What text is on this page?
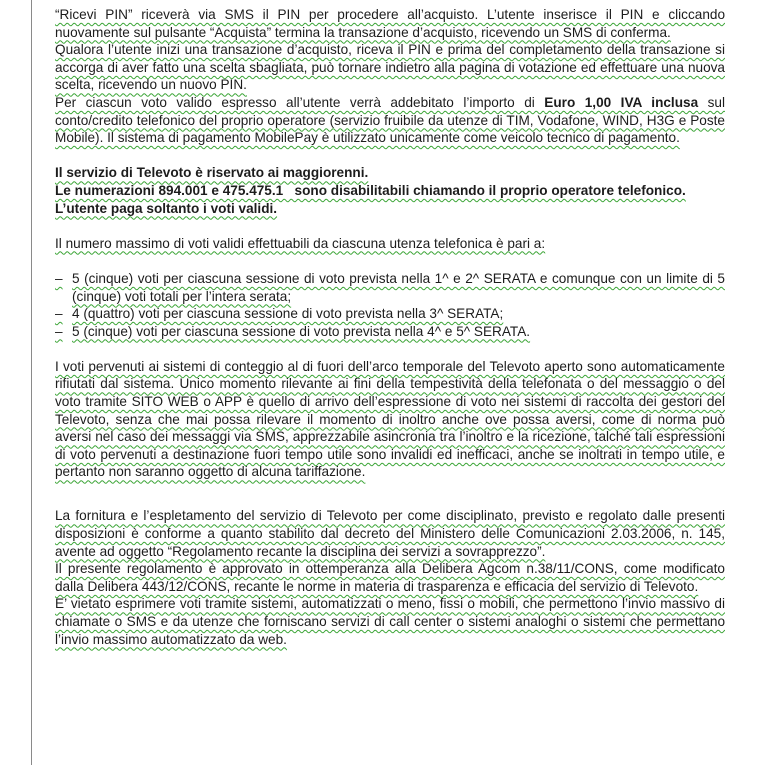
“Ricevi PIN” riceverà via SMS il PIN per procedere all’acquisto. L’utente inserisce il PIN e cliccando nuovamente sul pulsante “Acquista” termina la transazione d’acquisto, ricevendo un SMS di conferma.

Qualora l’utente inizi una transazione d’acquisto, riceva il PIN e prima del completamento della transazione si accorga di aver fatto una scelta sbagliata, può tornare indietro alla pagina di votazione ed effettuare una nuova scelta, ricevendo un nuovo PIN.

Per ciascun voto valido espresso all’utente verrà addebitato l’importo di Euro 1,00 IVA inclusa sul conto/credito telefonico del proprio operatore (servizio fruibile da utenze di TIM, Vodafone, WIND, H3G e Poste Mobile). Il sistema di pagamento MobilePay è utilizzato unicamente come veicolo tecnico di pagamento.

Il servizio di Televoto è riservato ai maggiorenni.

Le numerazioni 894.001 e 475.475.1   sono disabilitabili chiamando il proprio operatore telefonico.

L’utente paga soltanto i voti validi.

Il numero massimo di voti validi effettuabili da ciascuna utenza telefonica è pari a:

– 5 (cinque) voti per ciascuna sessione di voto prevista nella 1^ e 2^ SERATA e comunque con un limite di 5 (cinque) voti totali per l’intera serata;
– 4 (quattro) voti per ciascuna sessione di voto prevista nella 3^ SERATA;
– 5 (cinque) voti per ciascuna sessione di voto prevista nella 4^ e 5^ SERATA.

I voti pervenuti ai sistemi di conteggio al di fuori dell’arco temporale del Televoto aperto sono automaticamente rifiutati dal sistema. Unico momento rilevante ai fini della tempestività della telefonata o del messaggio o del voto tramite SITO WEB o APP è quello di arrivo dell’espressione di voto nei sistemi di raccolta dei gestori del Televoto, senza che mai possa rilevare il momento di inoltro anche ove possa aversi, come di norma può aversi nel caso dei messaggi via SMS, apprezzabile asincronia tra l’inoltro e la ricezione, talché tali espressioni di voto pervenuti a destinazione fuori tempo utile sono invalidi ed inefficaci, anche se inoltrati in tempo utile, e pertanto non saranno oggetto di alcuna tariffazione.

La fornitura e l’espletamento del servizio di Televoto per come disciplinato, previsto e regolato dalle presenti disposizioni è conforme a quanto stabilito dal decreto del Ministero delle Comunicazioni 2.03.2006, n. 145, avente ad oggetto “Regolamento recante la disciplina dei servizi a sovrapprezzo”.

Il presente regolamento è approvato in ottemperanza alla Delibera Agcom n.38/11/CONS, come modificato dalla Delibera 443/12/CONS, recante le norme in materia di trasparenza e efficacia del servizio di Televoto.

E’ vietato esprimere voti tramite sistemi, automatizzati o meno, fissi o mobili, che permettono l’invio massivo di chiamate o SMS e da utenze che forniscano servizi di call center o sistemi analoghi o sistemi che permettano l’invio massimo automatizzato da web.
